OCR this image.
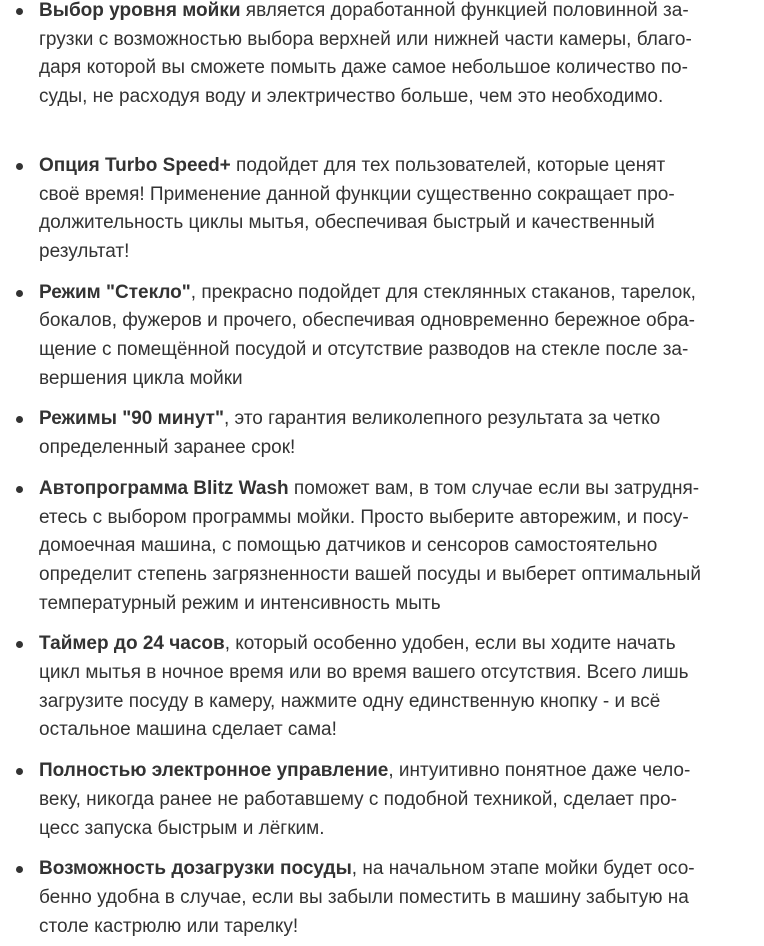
Выбор уровня мойки является доработанной функцией половинной за-
грузки с возможностью выбора верхней или нижней части камеры, благо-
даря которой вы сможете помыть даже самое небольшое количество по-
суды, не расходуя воду и электричество больше, чем это необходимо.
Опция Turbo Speed+ подойдет для тех пользователей, которые ценят
своё время! Применение данной функции существенно сокращает про-
должительность циклы мытья, обеспечивая быстрый и качественный
результат!
Режим "Стекло", прекрасно подойдет для стеклянных стаканов, тарелок,
бокалов, фужеров и прочего, обеспечивая одновременно бережное обра-
щение с помещённой посудой и отсутствие разводов на стекле после за-
вершения цикла мойки
Режимы "90 минут", это гарантия великолепного результата за четко
определенный заранее срок!
Автопрограмма Blitz Wash поможет вам, в том случае если вы затрудня-
етесь с выбором программы мойки. Просто выберите авторежим, и посу-
домоечная машина, с помощью датчиков и сенсоров самостоятельно
определит степень загрязненности вашей посуды и выберет оптимальный
температурный режим и интенсивность мыть
Таймер до 24 часов, который особенно удобен, если вы ходите начать
цикл мытья в ночное время или во время вашего отсутствия. Всего лишь
загрузите посуду в камеру, нажмите одну единственную кнопку - и всё
остальное машина сделает сама!
Полностью электронное управление, интуитивно понятное даже чело-
веку, никогда ранее не работавшему с подобной техникой, сделает про-
цесс запуска быстрым и лёгким.
Возможность дозагрузки посуды, на начальном этапе мойки будет осо-
бенно удобна в случае, если вы забыли поместить в машину забытую на
столе кастрюлю или тарелку!
